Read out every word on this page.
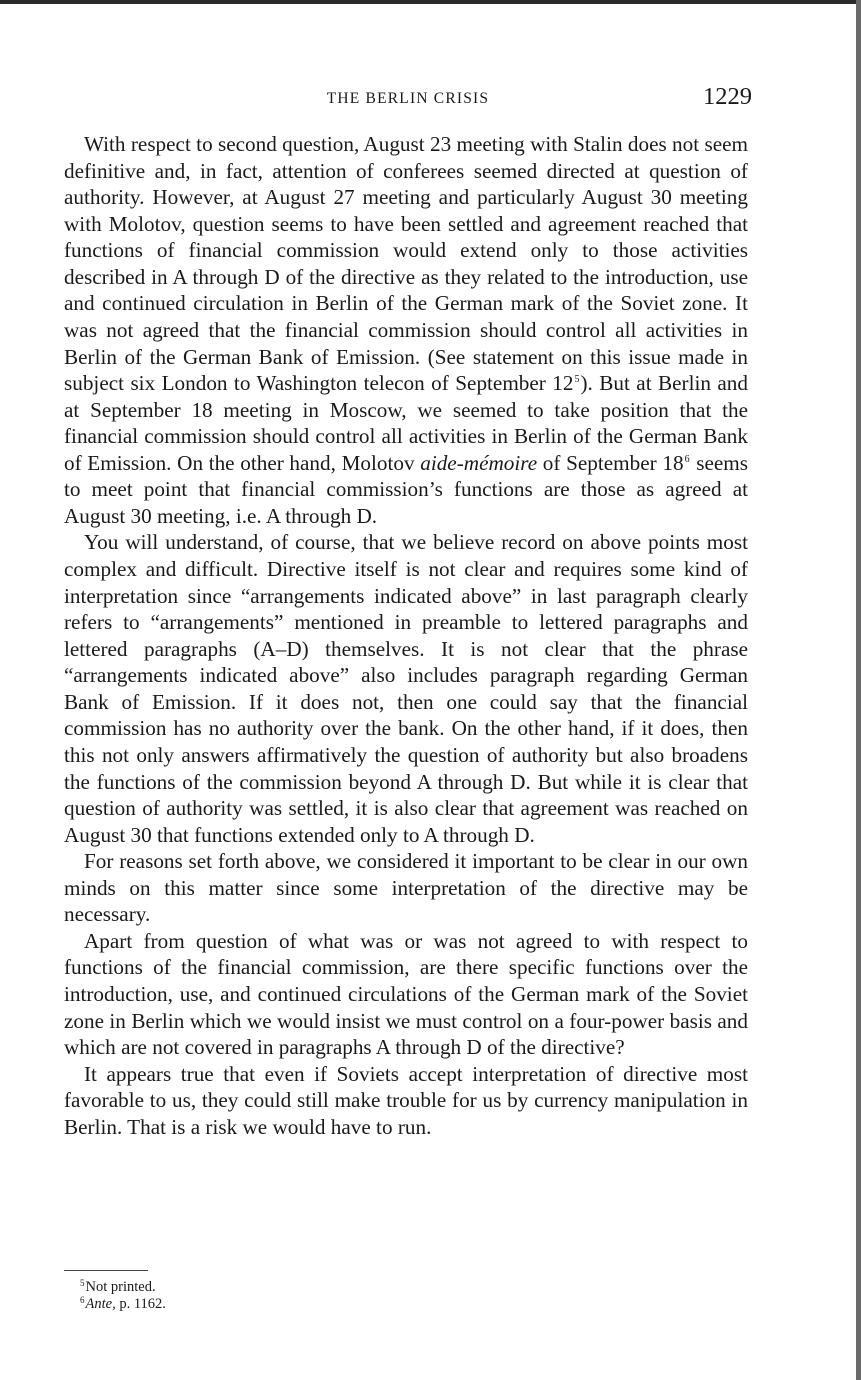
THE BERLIN CRISIS	1229

With respect to second question, August 23 meeting with Stalin does not seem definitive and, in fact, attention of conferees seemed directed at question of authority. However, at August 27 meeting and particularly August 30 meeting with Molotov, question seems to have been settled and agreement reached that functions of financial commission would extend only to those activities described in A through D of the directive as they related to the introduction, use and continued circulation in Berlin of the German mark of the Soviet zone. It was not agreed that the financial commission should control all activities in Berlin of the German Bank of Emission. (See statement on this issue made in subject six London to Washington telecon of September 12$^5$). But at Berlin and at September 18 meeting in Moscow, we seemed to take position that the financial commission should control all activities in Berlin of the German Bank of Emission. On the other hand, Molotov aide-mémoire of September 18$^6$ seems to meet point that financial commission’s functions are those as agreed at August 30 meeting, i.e. A through D.

You will understand, of course, that we believe record on above points most complex and difficult. Directive itself is not clear and requires some kind of interpretation since “arrangements indicated above” in last paragraph clearly refers to “arrangements” mentioned in preamble to lettered paragraphs and lettered paragraphs (A–D) themselves. It is not clear that the phrase “arrangements indicated above” also includes paragraph regarding German Bank of Emission. If it does not, then one could say that the financial commission has no authority over the bank. On the other hand, if it does, then this not only answers affirmatively the question of authority but also broadens the functions of the commission beyond A through D. But while it is clear that question of authority was settled, it is also clear that agreement was reached on August 30 that functions extended only to A through D.

For reasons set forth above, we considered it important to be clear in our own minds on this matter since some interpretation of the directive may be necessary.

Apart from question of what was or was not agreed to with respect to functions of the financial commission, are there specific functions over the introduction, use, and continued circulations of the German mark of the Soviet zone in Berlin which we would insist we must control on a four-power basis and which are not covered in paragraphs A through D of the directive?

It appears true that even if Soviets accept interpretation of directive most favorable to us, they could still make trouble for us by currency manipulation in Berlin. That is a risk we would have to run.

$^5$Not printed.
$^6$Ante, p. 1162.
